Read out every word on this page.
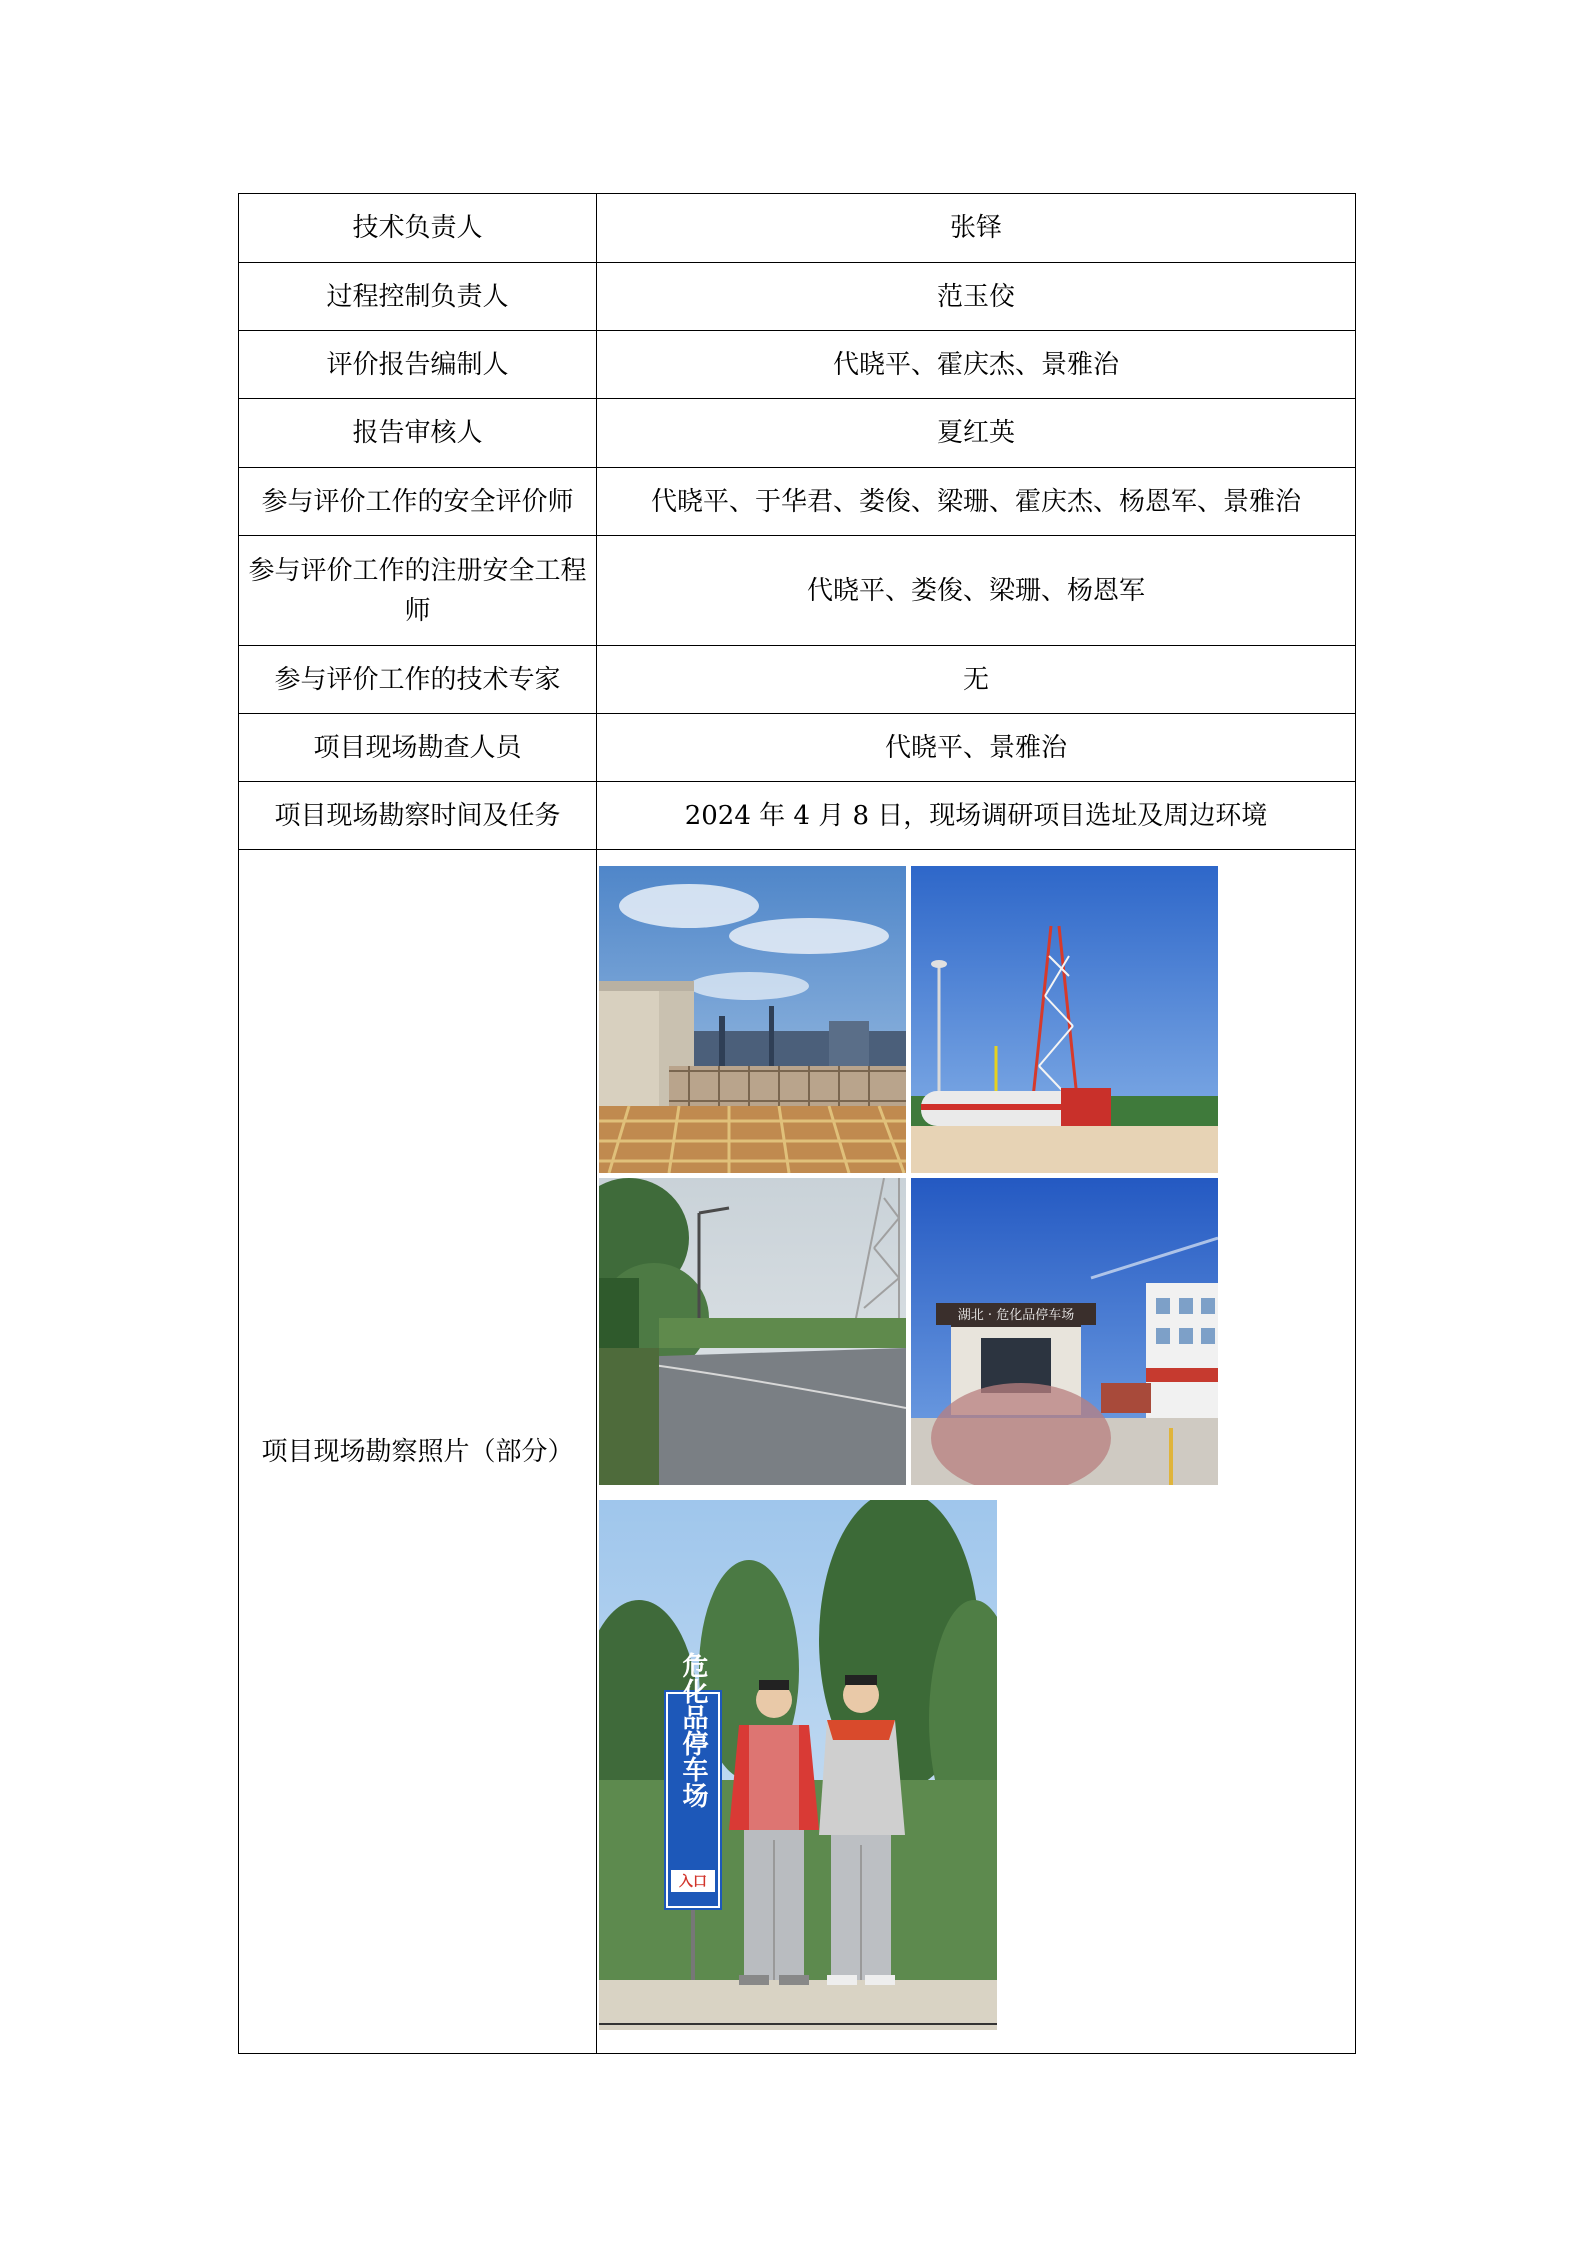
技术负责人	张铎
过程控制负责人	范玉佼
评价报告编制人	代晓平、霍庆杰、景雅治
报告审核人	夏红英
参与评价工作的安全评价师	代晓平、于华君、娄俊、梁珊、霍庆杰、杨恩军、景雅治
参与评价工作的注册安全工程师	代晓平、娄俊、梁珊、杨恩军
参与评价工作的技术专家	无
项目现场勘查人员	代晓平、景雅治
项目现场勘察时间及任务	2024 年 4 月 8 日，现场调研项目选址及周边环境
项目现场勘察照片（部分）	湖北 · 危化品停车场
危化品停车场
入口
